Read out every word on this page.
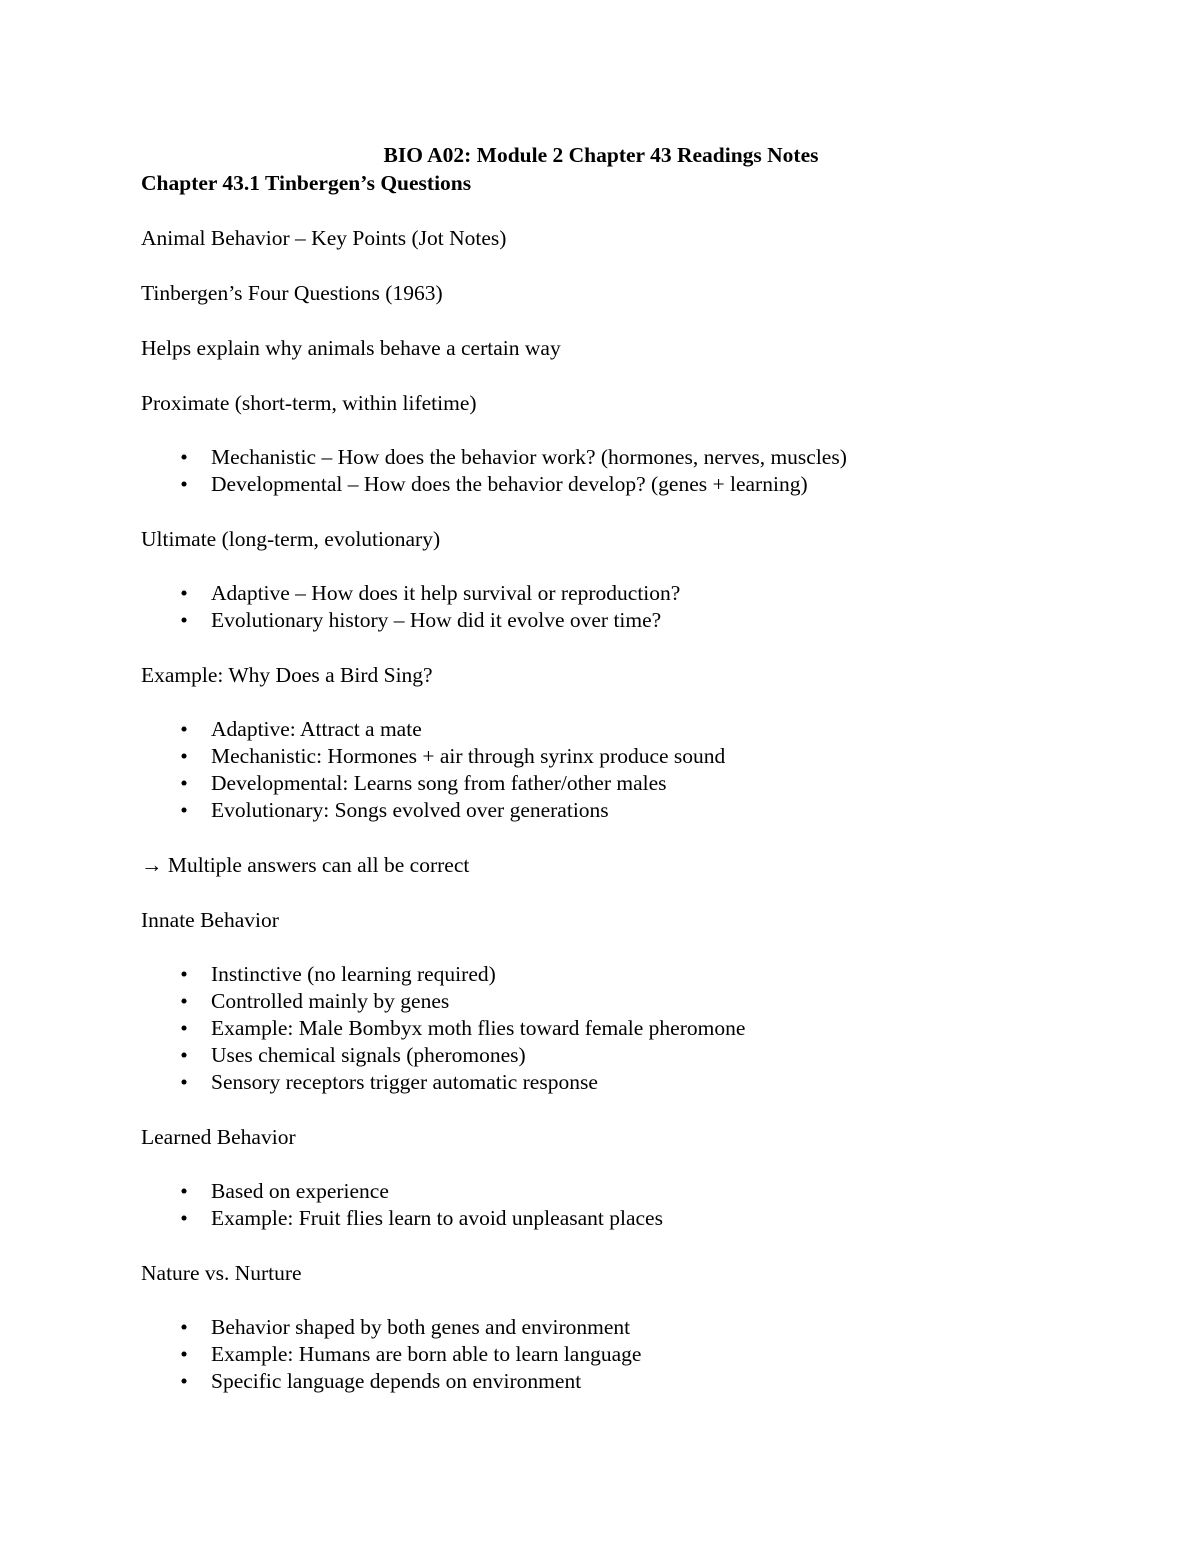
BIO A02: Module 2 Chapter 43 Readings Notes
Chapter 43.1 Tinbergen’s Questions

Animal Behavior – Key Points (Jot Notes)

Tinbergen’s Four Questions (1963)

Helps explain why animals behave a certain way

Proximate (short-term, within lifetime)

• Mechanistic – How does the behavior work? (hormones, nerves, muscles)
• Developmental – How does the behavior develop? (genes + learning)

Ultimate (long-term, evolutionary)

• Adaptive – How does it help survival or reproduction?
• Evolutionary history – How did it evolve over time?

Example: Why Does a Bird Sing?

• Adaptive: Attract a mate
• Mechanistic: Hormones + air through syrinx produce sound
• Developmental: Learns song from father/other males
• Evolutionary: Songs evolved over generations

→ Multiple answers can all be correct

Innate Behavior

• Instinctive (no learning required)
• Controlled mainly by genes
• Example: Male Bombyx moth flies toward female pheromone
• Uses chemical signals (pheromones)
• Sensory receptors trigger automatic response

Learned Behavior

• Based on experience
• Example: Fruit flies learn to avoid unpleasant places

Nature vs. Nurture

• Behavior shaped by both genes and environment
• Example: Humans are born able to learn language
• Specific language depends on environment
